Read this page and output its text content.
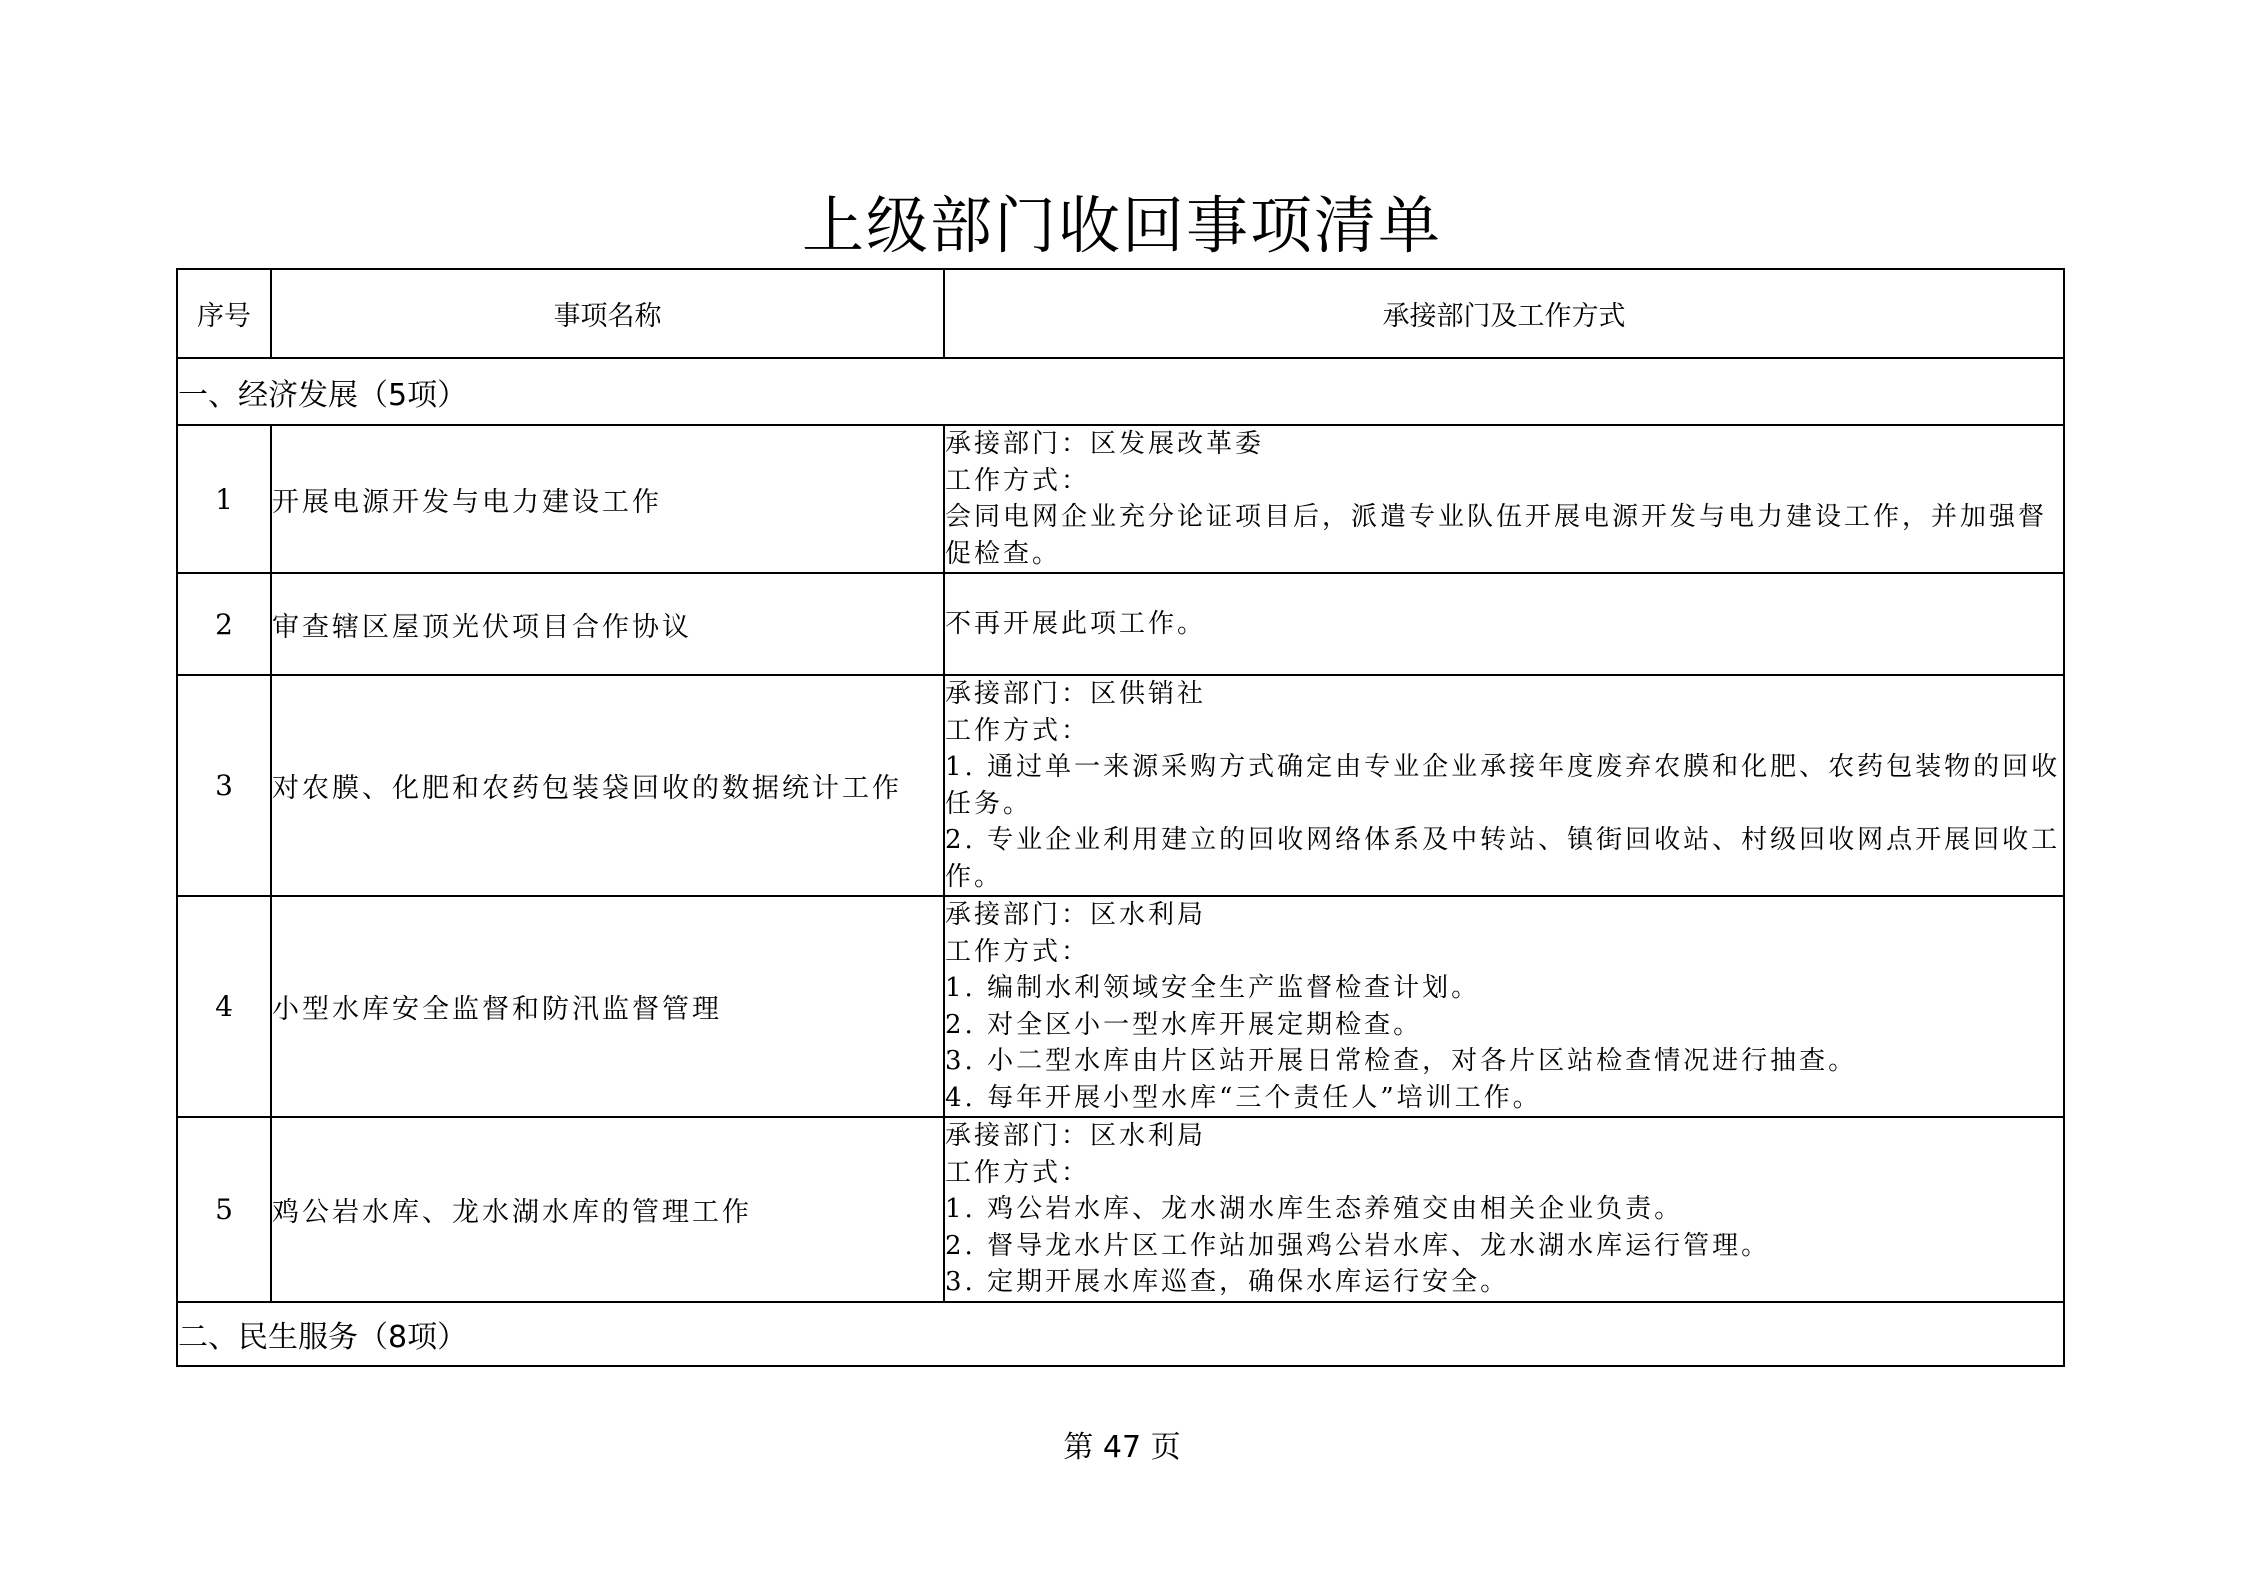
上级部门收回事项清单
序号	事项名称	承接部门及工作方式
一、经济发展（5项）		
1	开展电源开发与电力建设工作	承接部门：区发展改革委
工作方式：
会同电网企业充分论证项目后，派遣专业队伍开展电源开发与电力建设工作，并加强督促检查。

2	审查辖区屋顶光伏项目合作协议	不再开展此项工作。

3	对农膜、化肥和农药包装袋回收的数据统计工作	承接部门：区供销社
工作方式：
1. 通过单一来源采购方式确定由专业企业承接年度废弃农膜和化肥、农药包装物的回收任务。
2. 专业企业利用建立的回收网络体系及中转站、镇街回收站、村级回收网点开展回收工作。

4	小型水库安全监督和防汛监督管理	
承接部门：区水利局
工作方式：
1. 编制水利领域安全生产监督检查计划。
2. 对全区小一型水库开展定期检查。
3. 小二型水库由片区站开展日常检查，对各片区站检查情况进行抽查。
4. 每年开展小型水库“三个责任人”培训工作。

5	鸡公岩水库、龙水湖水库的管理工作	承接部门：区水利局
工作方式：
1. 鸡公岩水库、龙水湖水库生态养殖交由相关企业负责。
2. 督导龙水片区工作站加强鸡公岩水库、龙水湖水库运行管理。
3. 定期开展水库巡查，确保水库运行安全。

二、民生服务（8项）		
第 47 页
